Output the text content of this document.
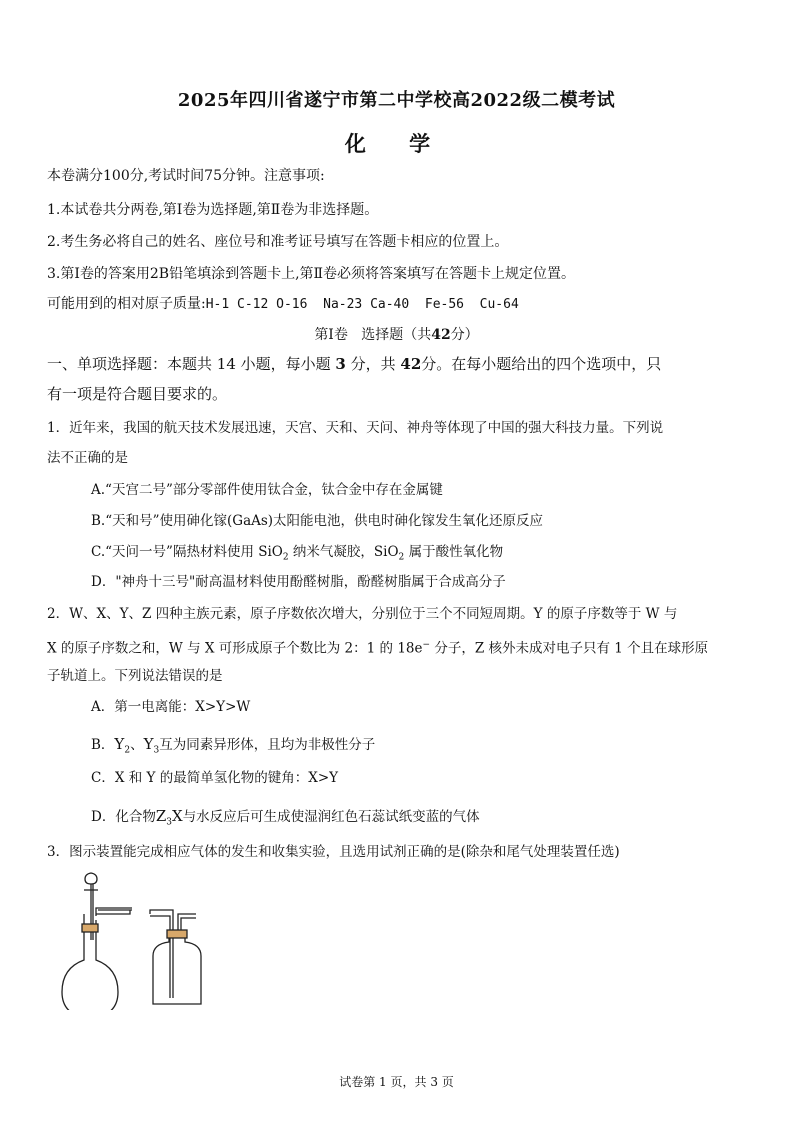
2025年四川省遂宁市第二中学校高2022级二模考试
化 学
本卷满分100分,考试时间75分钟。注意事项:
1.本试卷共分两卷,第Ⅰ卷为选择题,第Ⅱ卷为非选择题。
2.考生务必将自己的姓名、座位号和准考证号填写在答题卡相应的位置上。
3.第Ⅰ卷的答案用2B铅笔填涂到答题卡上,第Ⅱ卷必须将答案填写在答题卡上规定位置。
可能用到的相对原子质量:H-1 C-12 O-16  Na-23 Ca-40  Fe-56  Cu-64
第Ⅰ卷   选择题（共42分）
一、单项选择题：本题共 14 小题，每小题 3 分，共 42分。在每小题给出的四个选项中，只
有一项是符合题目要求的。
1．近年来，我国的航天技术发展迅速，天宫、天和、天问、神舟等体现了中国的强大科技力量。下列说
法不正确的是
A.“天宫二号”部分零部件使用钛合金，钛合金中存在金属键
B.“天和号”使用砷化镓(GaAs)太阳能电池，供电时砷化镓发生氧化还原反应
C.“天问一号”隔热材料使用 SiO$_2$ 纳米气凝胶，SiO$_2$ 属于酸性氧化物
D．"神舟十三号"耐高温材料使用酚醛树脂，酚醛树脂属于合成高分子
2．W、X、Y、Z 四种主族元素，原子序数依次增大，分别位于三个不同短周期。Y 的原子序数等于 W 与
X 的原子序数之和，W 与 X 可形成原子个数比为 2：1 的 18e− 分子，Z 核外未成对电子只有 1 个且在球形原
子轨道上。下列说法错误的是
A．第一电离能：X>Y>W
B．$Y_2$、$Y_3$互为同素异形体，且均为非极性分子
C．X 和 Y 的最简单氢化物的键角：X>Y
D．化合物$Z_3X$与水反应后可生成使湿润红色石蕊试纸变蓝的气体
3．图示装置能完成相应气体的发生和收集实验，且选用试剂正确的是(除杂和尾气处理装置任选)
试卷第 1 页，共 3 页
